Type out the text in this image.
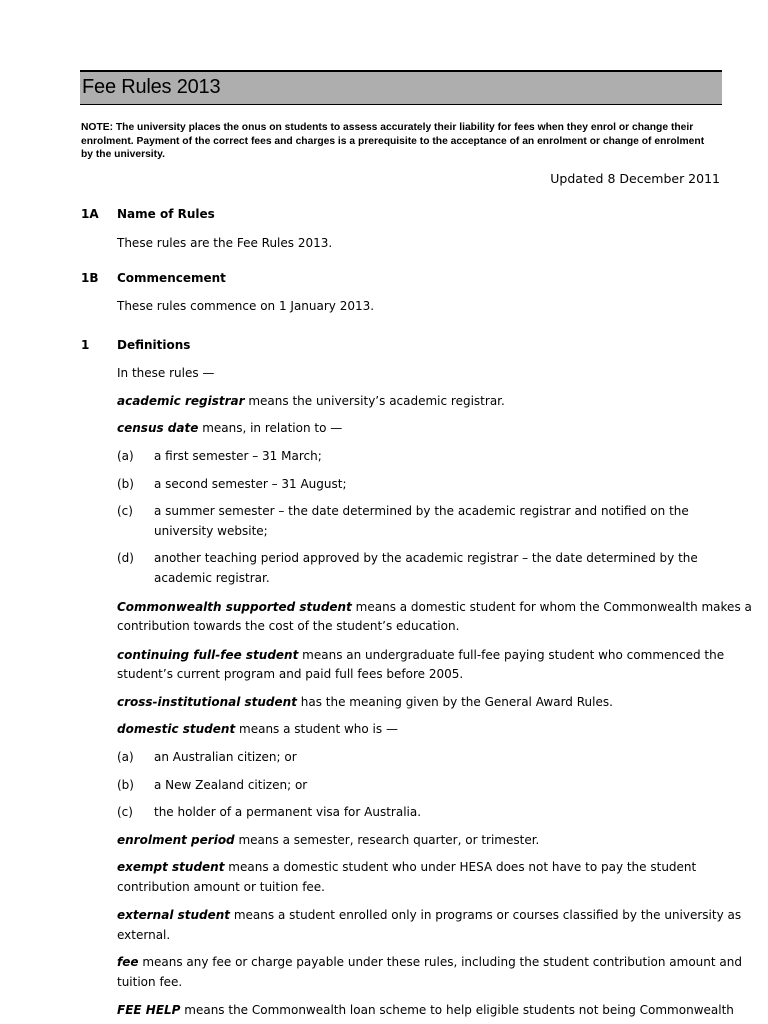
Fee Rules 2013
NOTE: The university places the onus on students to assess accurately their liability for fees when they enrol or change their
enrolment. Payment of the correct fees and charges is a prerequisite to the acceptance of an enrolment or change of enrolment
by the university.
Updated 8 December 2011
1A Name of Rules
These rules are the Fee Rules 2013.
1B Commencement
These rules commence on 1 January 2013.
1 Definitions
In these rules —
academic registrar means the university’s academic registrar.
census date means, in relation to —
(a) a first semester – 31 March;
(b) a second semester – 31 August;
(c) a summer semester – the date determined by the academic registrar and notified on the
university website;
(d) another teaching period approved by the academic registrar – the date determined by the
academic registrar.
Commonwealth supported student means a domestic student for whom the Commonwealth makes a
contribution towards the cost of the student’s education.
continuing full-fee student means an undergraduate full-fee paying student who commenced the
student’s current program and paid full fees before 2005.
cross-institutional student has the meaning given by the General Award Rules.
domestic student means a student who is —
(a) an Australian citizen; or
(b) a New Zealand citizen; or
(c) the holder of a permanent visa for Australia.
enrolment period means a semester, research quarter, or trimester.
exempt student means a domestic student who under HESA does not have to pay the student
contribution amount or tuition fee.
external student means a student enrolled only in programs or courses classified by the university as
external.
fee means any fee or charge payable under these rules, including the student contribution amount and
tuition fee.
FEE HELP means the Commonwealth loan scheme to help eligible students not being Commonwealth
